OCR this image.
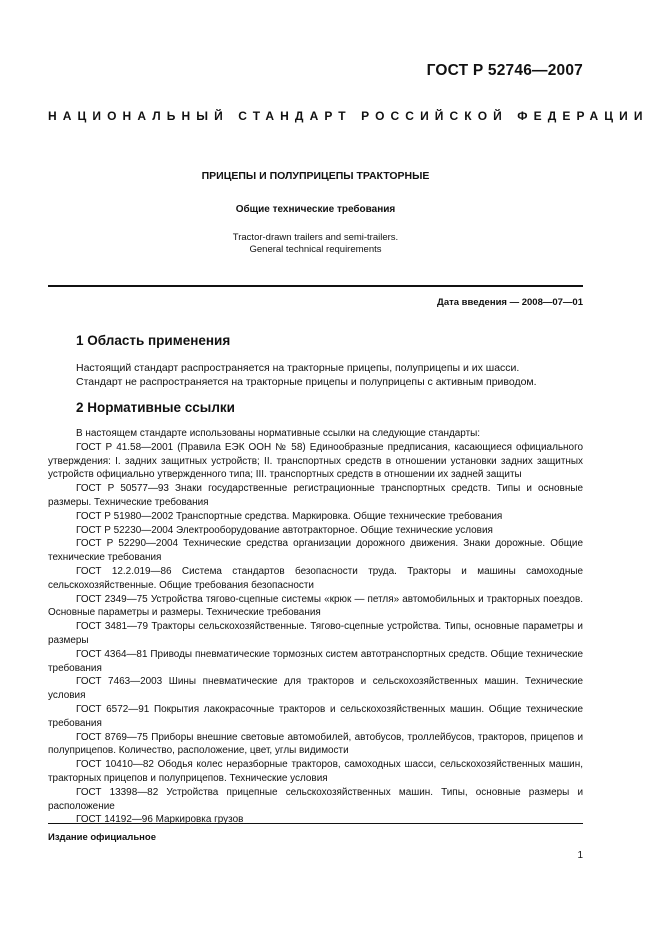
ГОСТ Р 52746—2007
НАЦИОНАЛЬНЫЙ СТАНДАРТ РОССИЙСКОЙ ФЕДЕРАЦИИ
ПРИЦЕПЫ И ПОЛУПРИЦЕПЫ ТРАКТОРНЫЕ
Общие технические требования
Tractor-drawn trailers and semi-trailers.
General technical requirements
Дата введения — 2008—07—01
1 Область применения

Настоящий стандарт распространяется на тракторные прицепы, полуприцепы и их шасси.

Стандарт не распространяется на тракторные прицепы и полуприцепы с активным приводом.

2 Нормативные ссылки

В настоящем стандарте использованы нормативные ссылки на следующие стандарты:

ГОСТ Р 41.58—2001 (Правила ЕЭК ООН № 58) Единообразные предписания, касающиеся официального утверждения: I. задних защитных устройств; II. транспортных средств в отношении установки задних защитных устройств официально утвержденного типа; III. транспортных средств в отношении их задней защиты

ГОСТ Р 50577—93 Знаки государственные регистрационные транспортных средств. Типы и основные размеры. Технические требования

ГОСТ Р 51980—2002 Транспортные средства. Маркировка. Общие технические требования

ГОСТ Р 52230—2004 Электрооборудование автотракторное. Общие технические условия

ГОСТ Р 52290—2004 Технические средства организации дорожного движения. Знаки дорожные. Общие технические требования

ГОСТ 12.2.019—86 Система стандартов безопасности труда. Тракторы и машины самоходные сельскохозяйственные. Общие требования безопасности

ГОСТ 2349—75 Устройства тягово-сцепные системы «крюк — петля» автомобильных и тракторных поездов. Основные параметры и размеры. Технические требования

ГОСТ 3481—79 Тракторы сельскохозяйственные. Тягово-сцепные устройства. Типы, основные параметры и размеры

ГОСТ 4364—81 Приводы пневматические тормозных систем автотранспортных средств. Общие технические требования

ГОСТ 7463—2003 Шины пневматические для тракторов и сельскохозяйственных машин. Технические условия

ГОСТ 6572—91 Покрытия лакокрасочные тракторов и сельскохозяйственных машин. Общие технические требования

ГОСТ 8769—75 Приборы внешние световые автомобилей, автобусов, троллейбусов, тракторов, прицепов и полуприцепов. Количество, расположение, цвет, углы видимости

ГОСТ 10410—82 Ободья колес неразборные тракторов, самоходных шасси, сельскохозяйственных машин, тракторных прицепов и полуприцепов. Технические условия

ГОСТ 13398—82 Устройства прицепные сельскохозяйственных машин. Типы, основные размеры и расположение

ГОСТ 14192—96 Маркировка грузов

Издание официальное
1
